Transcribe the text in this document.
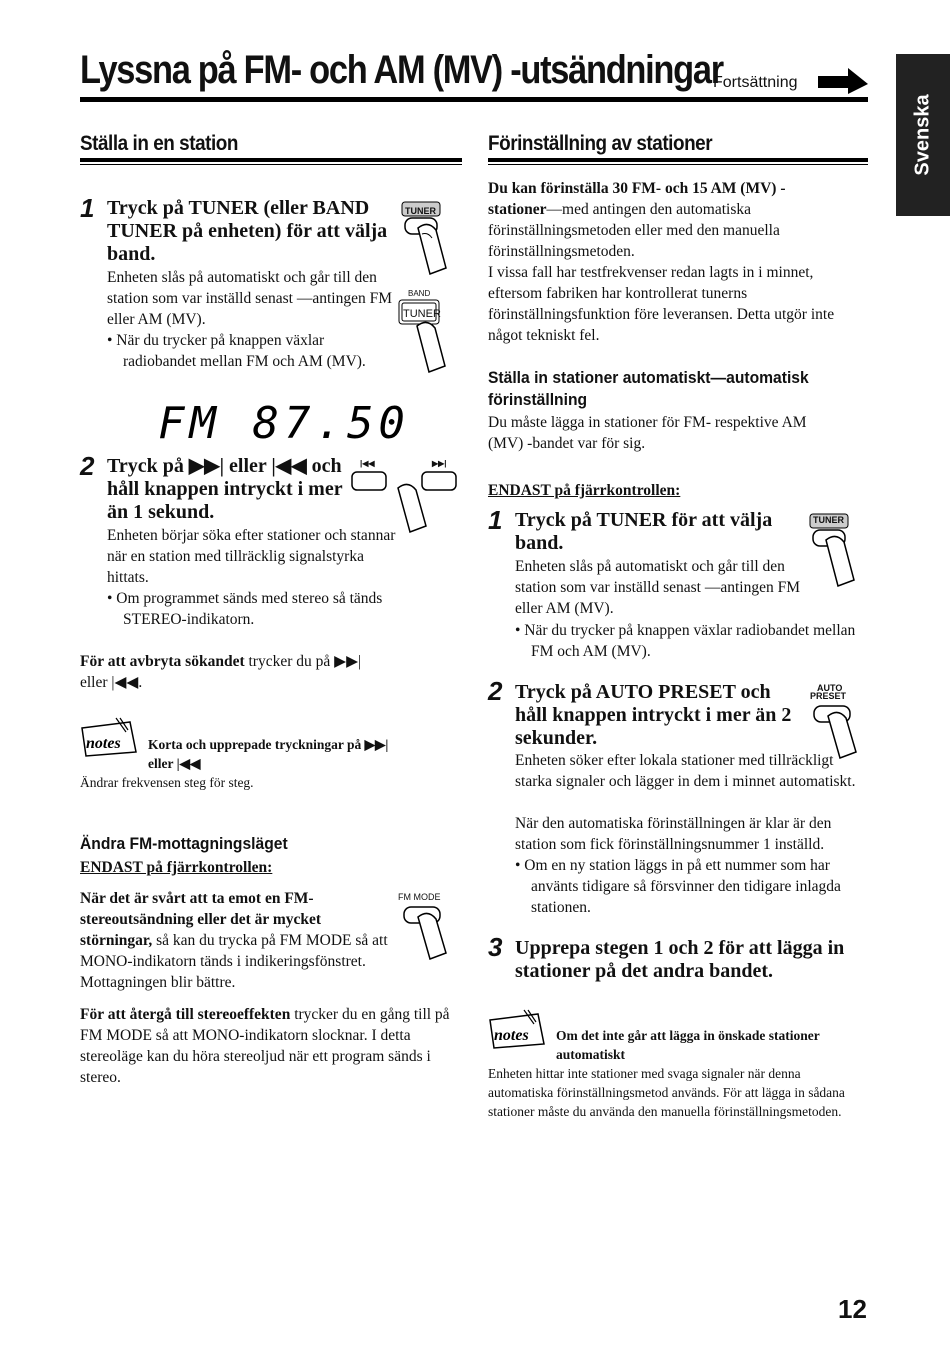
Lyssna på FM- och AM (MV) -utsändningar
Fortsättning
Svenska
Ställa in en station
1 Tryck på TUNER (eller BAND TUNER på enheten) för att välja band.
Enheten slås på automatiskt och går till den station som var inställd senast —antingen FM eller AM (MV).
• När du trycker på knappen växlar radiobandet mellan FM och AM (MV).
TUNER
BAND
TUNER
FM 87.50
2 Tryck på ▶▶| eller |◀◀ och håll knappen intryckt i mer än 1 sekund.
Enheten börjar söka efter stationer och stannar när en station med tillräcklig signalstyrka hittats.
• Om programmet sänds med stereo så tänds STEREO-indikatorn.
|◀◀	▶▶|
För att avbryta sökandet trycker du på ▶▶| eller |◀◀.
notes Korta och upprepade tryckningar på ▶▶| eller |◀◀
Ändrar frekvensen steg för steg.
Ändra FM-mottagningsläget
ENDAST på fjärrkontrollen:
När det är svårt att ta emot en FM-stereoutsändning eller det är mycket störningar, så kan du trycka på FM MODE så att MONO-indikatorn tänds i indikeringsfönstret. Mottagningen blir bättre.
FM MODE
För att återgå till stereoeffekten trycker du en gång till på FM MODE så att MONO-indikatorn slocknar. I detta stereoläge kan du höra stereoljud när ett program sänds i stereo.
Förinställning av stationer
Du kan förinställa 30 FM- och 15 AM (MV) -stationer—med antingen den automatiska förinställningsmetoden eller med den manuella förinställningsmetoden.
I vissa fall har testfrekvenser redan lagts in i minnet, eftersom fabriken har kontrollerat tunerns förinställningsfunktion före leveransen. Detta utgör inte något tekniskt fel.
Ställa in stationer automatiskt—automatisk förinställning
Du måste lägga in stationer för FM- respektive AM (MV) -bandet var för sig.
ENDAST på fjärrkontrollen:
1 Tryck på TUNER för att välja band.
Enheten slås på automatiskt och går till den station som var inställd senast —antingen FM eller AM (MV).
• När du trycker på knappen växlar radiobandet mellan FM och AM (MV).
TUNER
2 Tryck på AUTO PRESET och håll knappen intryckt i mer än 2 sekunder.
Enheten söker efter lokala stationer med tillräckligt starka signaler och lägger in dem i minnet automatiskt.
När den automatiska förinställningen är klar är den station som fick förinställningsnummer 1 inställd.
• Om en ny station läggs in på ett nummer som har använts tidigare så försvinner den tidigare inlagda stationen.
AUTO
PRESET
3 Upprepa stegen 1 och 2 för att lägga in stationer på det andra bandet.
notes Om det inte går att lägga in önskade stationer automatiskt
Enheten hittar inte stationer med svaga signaler när denna automatiska förinställningsmetod används. För att lägga in sådana stationer måste du använda den manuella förinställningsmetoden.
12
